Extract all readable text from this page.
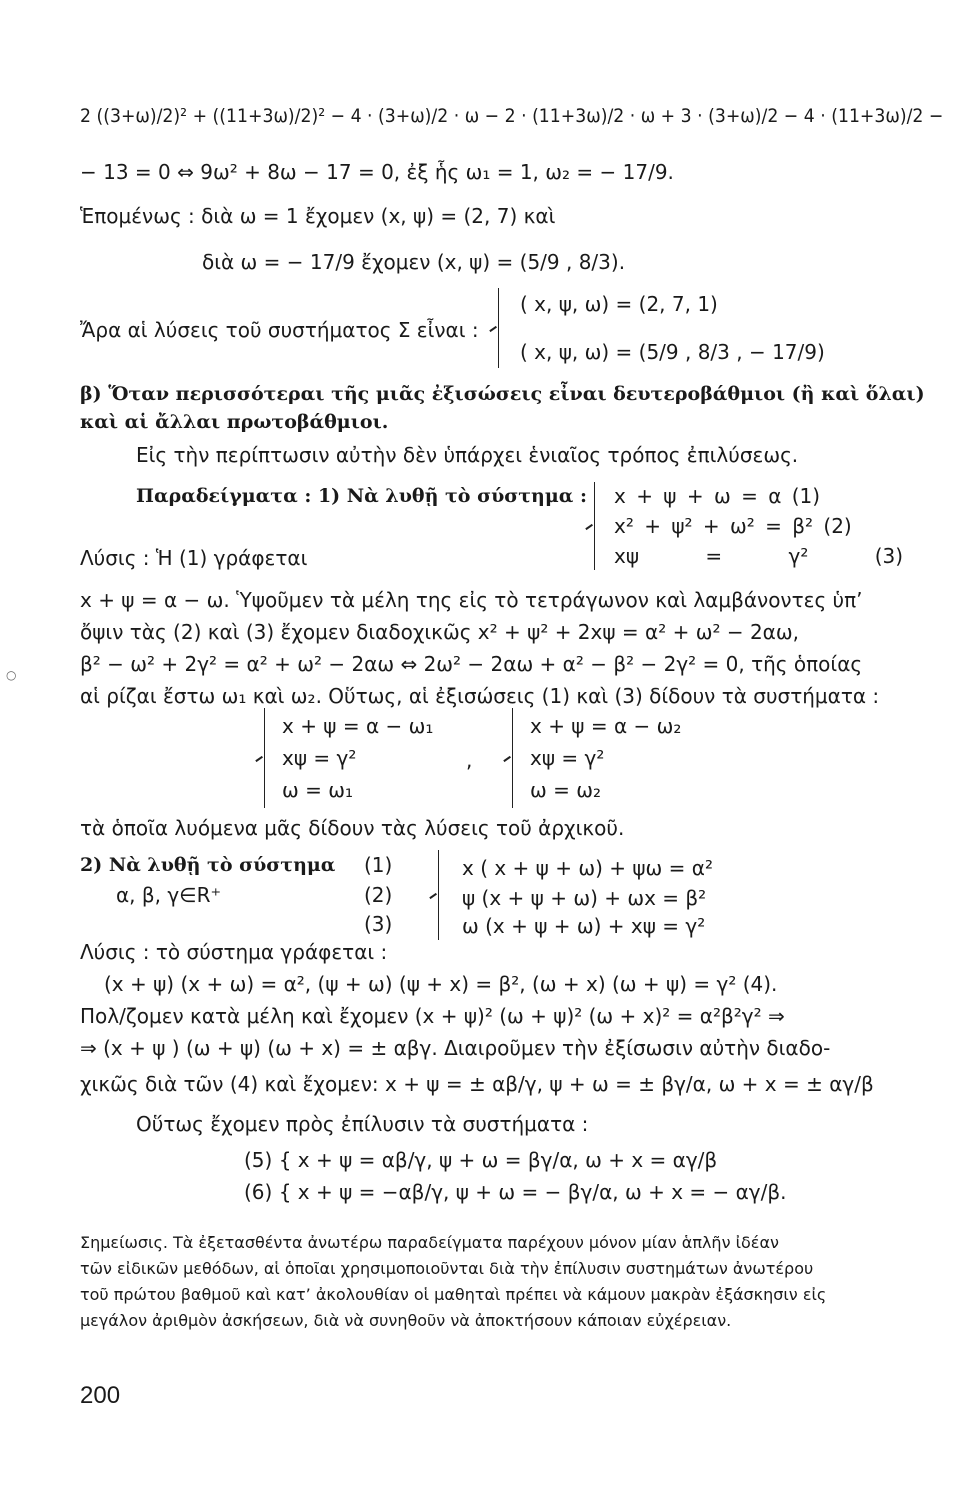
○
2 ((3+ω)/2)² + ((11+3ω)/2)² − 4 · (3+ω)/2 · ω − 2 · (11+3ω)/2 · ω + 3 · (3+ω)/2 − 4 · (11+3ω)/2 −
− 13 = 0 ⇔ 9ω² + 8ω − 17 = 0, ἐξ ἧς ω₁ = 1, ω₂ = − 17/9.
Ἑπομένως : διὰ ω = 1 ἔχομεν (x, ψ) = (2, 7) καὶ
διὰ ω = − 17/9 ἔχομεν (x, ψ) = (5/9 , 8/3).
( x, ψ, ω) = (2, 7, 1)
Ἄρα αἱ λύσεις τοῦ συστήματος Σ εἶναι :
( x, ψ, ω) = (5/9 , 8/3 , − 17/9)
β) Ὅταν περισσότεραι τῆς μιᾶς ἐξισώσεις εἶναι δευτεροβάθμιοι (ἢ καὶ ὅλαι)
καὶ αἱ ἄλλαι πρωτοβάθμιοι.
Εἰς τὴν περίπτωσιν αὐτὴν δὲν ὑπάρχει ἑνιαῖος τρόπος ἐπιλύσεως.
Παραδείγματα : 1) Νὰ λυθῇ τὸ σύστημα : x + ψ + ω = α (1)
x² + ψ² + ω² = β² (2)
Λύσις : Ἡ (1) γράφεται	xψ = γ² (3)
x + ψ = α − ω. Ὑψοῦμεν τὰ μέλη της εἰς τὸ τετράγωνον καὶ λαμβάνοντες ὑπ’
ὄψιν τὰς (2) καὶ (3) ἔχομεν διαδοχικῶς x² + ψ² + 2xψ = α² + ω² − 2αω,
β² − ω² + 2γ² = α² + ω² − 2αω ⇔ 2ω² − 2αω + α² − β² − 2γ² = 0, τῆς ὁποίας
αἱ ρίζαι ἔστω ω₁ καὶ ω₂. Οὕτως, αἱ ἐξισώσεις (1) καὶ (3) δίδουν τὰ συστήματα :
x + ψ = α − ω₁	x + ψ = α − ω₂
xψ = γ²	,	xψ = γ²
ω = ω₁	ω = ω₂
τὰ ὁποῖα λυόμενα μᾶς δίδουν τὰς λύσεις τοῦ ἀρχικοῦ.
2) Νὰ λυθῇ τὸ σύστημα (1)	x ( x + ψ + ω) + ψω = α²
α, β, γ∈R⁺	(2)	ψ (x + ψ + ω) + ωx = β²
(3)	ω (x + ψ + ω) + xψ = γ²
Λύσις : τὸ σύστημα γράφεται :
(x + ψ) (x + ω) = α², (ψ + ω) (ψ + x) = β², (ω + x) (ω + ψ) = γ² (4).
Πολ/ζομεν κατὰ μέλη καὶ ἔχομεν (x + ψ)² (ω + ψ)² (ω + x)² = α²β²γ² ⇒
⇒ (x + ψ ) (ω + ψ) (ω + x) = ± αβγ. Διαιροῦμεν τὴν ἐξίσωσιν αὐτὴν διαδο-
χικῶς διὰ τῶν (4) καὶ ἔχομεν: x + ψ = ± αβ/γ, ψ + ω = ± βγ/α, ω + x = ± αγ/β
Οὕτως ἔχομεν πρὸς ἐπίλυσιν τὰ συστήματα :
(5) { x + ψ = αβ/γ, ψ + ω = βγ/α, ω + x = αγ/β
(6) { x + ψ = −αβ/γ, ψ + ω = − βγ/α, ω + x = − αγ/β.
Σημείωσις. Τὰ ἐξετασθέντα ἀνωτέρω παραδείγματα παρέχουν μόνον μίαν ἁπλῆν ἰδέαν
τῶν εἰδικῶν μεθόδων, αἱ ὁποῖαι χρησιμοποιοῦνται διὰ τὴν ἐπίλυσιν συστημάτων ἀνωτέρου
τοῦ πρώτου βαθμοῦ καὶ κατ’ ἀκολουθίαν οἱ μαθηταὶ πρέπει νὰ κάμουν μακρὰν ἐξάσκησιν εἰς
μεγάλον ἀριθμὸν ἀσκήσεων, διὰ νὰ συνηθοῦν νὰ ἀποκτήσουν κάποιαν εὐχέρειαν.
200
